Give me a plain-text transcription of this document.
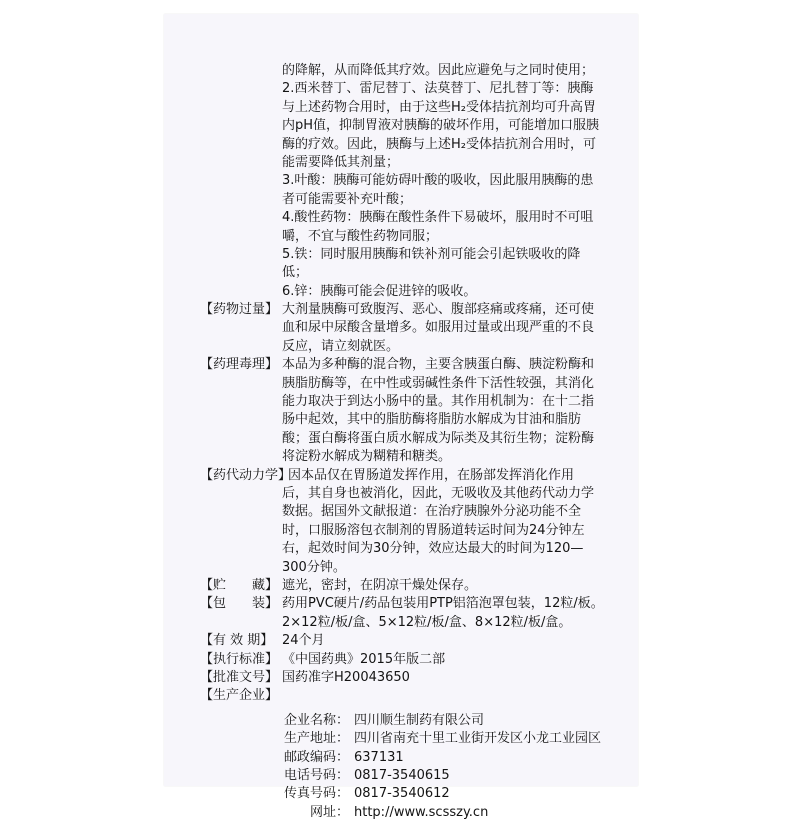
的降解，从而降低其疗效。因此应避免与之同时使用；
2.西米替丁、雷尼替丁、法莫替丁、尼扎替丁等：胰酶
与上述药物合用时，由于这些H₂受体拮抗剂均可升高胃
内pH值，抑制胃液对胰酶的破坏作用，可能增加口服胰
酶的疗效。因此，胰酶与上述H₂受体拮抗剂合用时，可
能需要降低其剂量；
3.叶酸：胰酶可能妨碍叶酸的吸收，因此服用胰酶的患
者可能需要补充叶酸；
4.酸性药物：胰酶在酸性条件下易破坏，服用时不可咀
嚼，不宜与酸性药物同服；
5.铁：同时服用胰酶和铁补剂可能会引起铁吸收的降
低；
6.锌：胰酶可能会促进锌的吸收。
【药物过量】 大剂量胰酶可致腹泻、恶心、腹部痉痛或疼痛，还可使
血和尿中尿酸含量增多。如服用过量或出现严重的不良
反应，请立刻就医。
【药理毒理】 本品为多种酶的混合物，主要含胰蛋白酶、胰淀粉酶和
胰脂肪酶等，在中性或弱碱性条件下活性较强，其消化
能力取决于到达小肠中的量。其作用机制为：在十二指
肠中起效，其中的脂肪酶将脂肪水解成为甘油和脂肪
酸；蛋白酶将蛋白质水解成为际类及其衍生物；淀粉酶
将淀粉水解成为糊精和糖类。
【药代动力学】
因本品仅在胃肠道发挥作用，在肠部发挥消化作用
后，其自身也被消化，因此，无吸收及其他药代动力学
数据。据国外文献报道：在治疗胰腺外分泌功能不全
时，口服肠溶包衣制剂的胃肠道转运时间为24分钟左
右，起效时间为30分钟，效应达最大的时间为120—
300分钟。
【贮　　藏】 遮光，密封，在阴凉干燥处保存。
【包　　装】 药用PVC硬片/药品包装用PTP铝箔泡罩包装，12粒/板。
2×12粒/板/盒、5×12粒/板/盒、8×12粒/板/盒。
【有 效 期】 24个月
【执行标准】 《中国药典》2015年版二部
【批准文号】 国药准字H20043650
【生产企业】
企业名称： 四川顺生制药有限公司
生产地址： 四川省南充十里工业街开发区小龙工业园区
邮政编码： 637131
电话号码： 0817-3540615
传真号码： 0817-3540612
　　网址： http://www.scsszy.cn
